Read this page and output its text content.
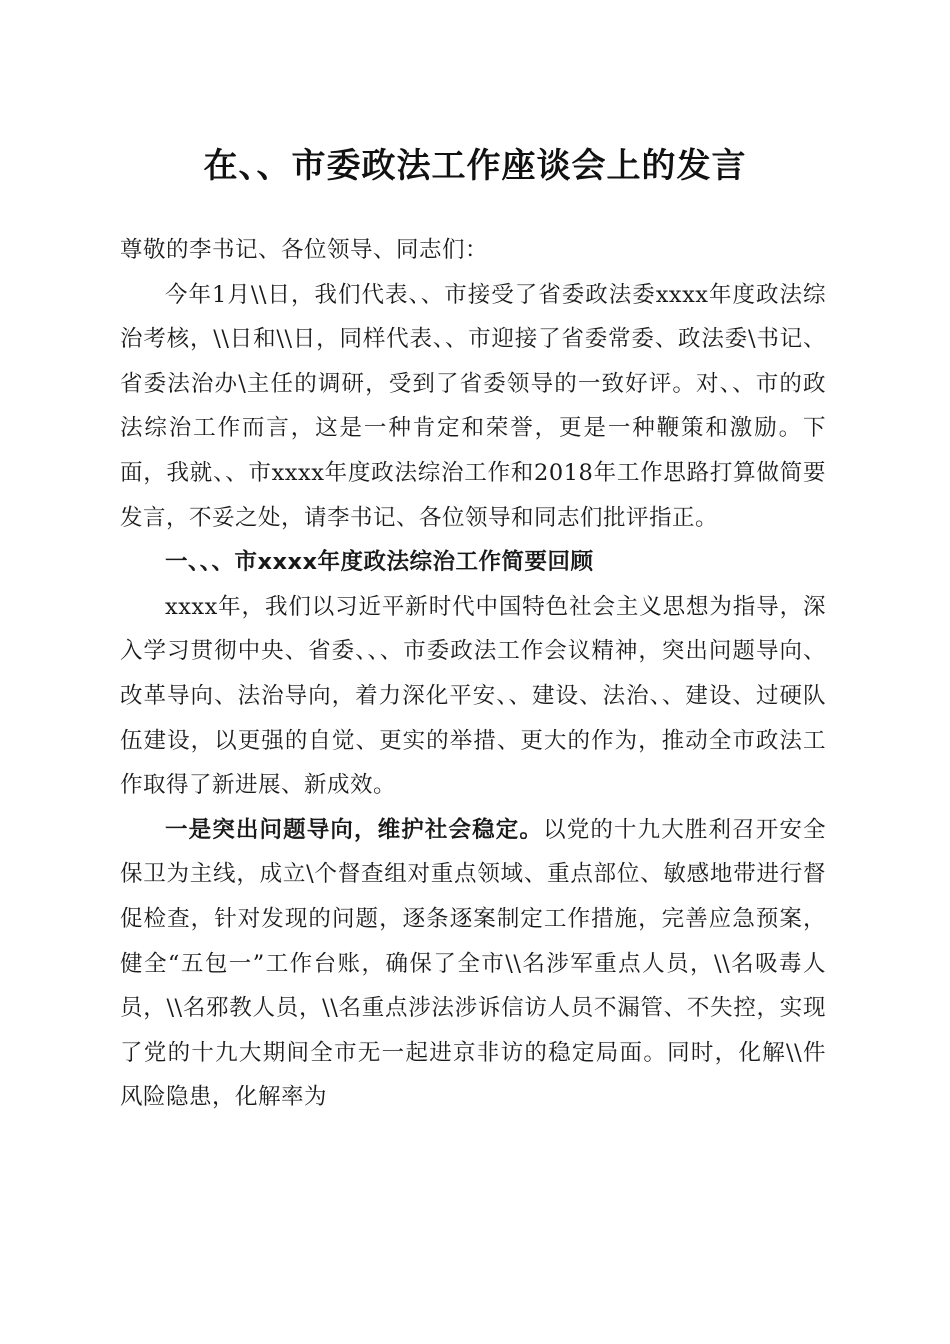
在、、市委政法工作座谈会上的发言

尊敬的李书记、各位领导、同志们：

今年1月\\日，我们代表、、市接受了省委政法委xxxx年度政法综治考核，\\日和\\日，同样代表、、市迎接了省委常委、政法委\书记、省委法治办\主任的调研，受到了省委领导的一致好评。对、、市的政法综治工作而言，这是一种肯定和荣誉，更是一种鞭策和激励。下面，我就、、市xxxx年度政法综治工作和2018年工作思路打算做简要发言，不妥之处，请李书记、各位领导和同志们批评指正。

一、、、市xxxx年度政法综治工作简要回顾

xxxx年，我们以习近平新时代中国特色社会主义思想为指导，深入学习贯彻中央、省委、、、市委政法工作会议精神，突出问题导向、改革导向、法治导向，着力深化平安、、建设、法治、、建设、过硬队伍建设，以更强的自觉、更实的举措、更大的作为，推动全市政法工作取得了新进展、新成效。

一是突出问题导向，维护社会稳定。以党的十九大胜利召开安全保卫为主线，成立\个督查组对重点领域、重点部位、敏感地带进行督促检查，针对发现的问题，逐条逐案制定工作措施，完善应急预案，健全“五包一”工作台账，确保了全市\\名涉军重点人员，\\名吸毒人员，\\名邪教人员，\\名重点涉法涉诉信访人员不漏管、不失控，实现了党的十九大期间全市无一起进京非访的稳定局面。同时，化解\\件风险隐患，化解率为
